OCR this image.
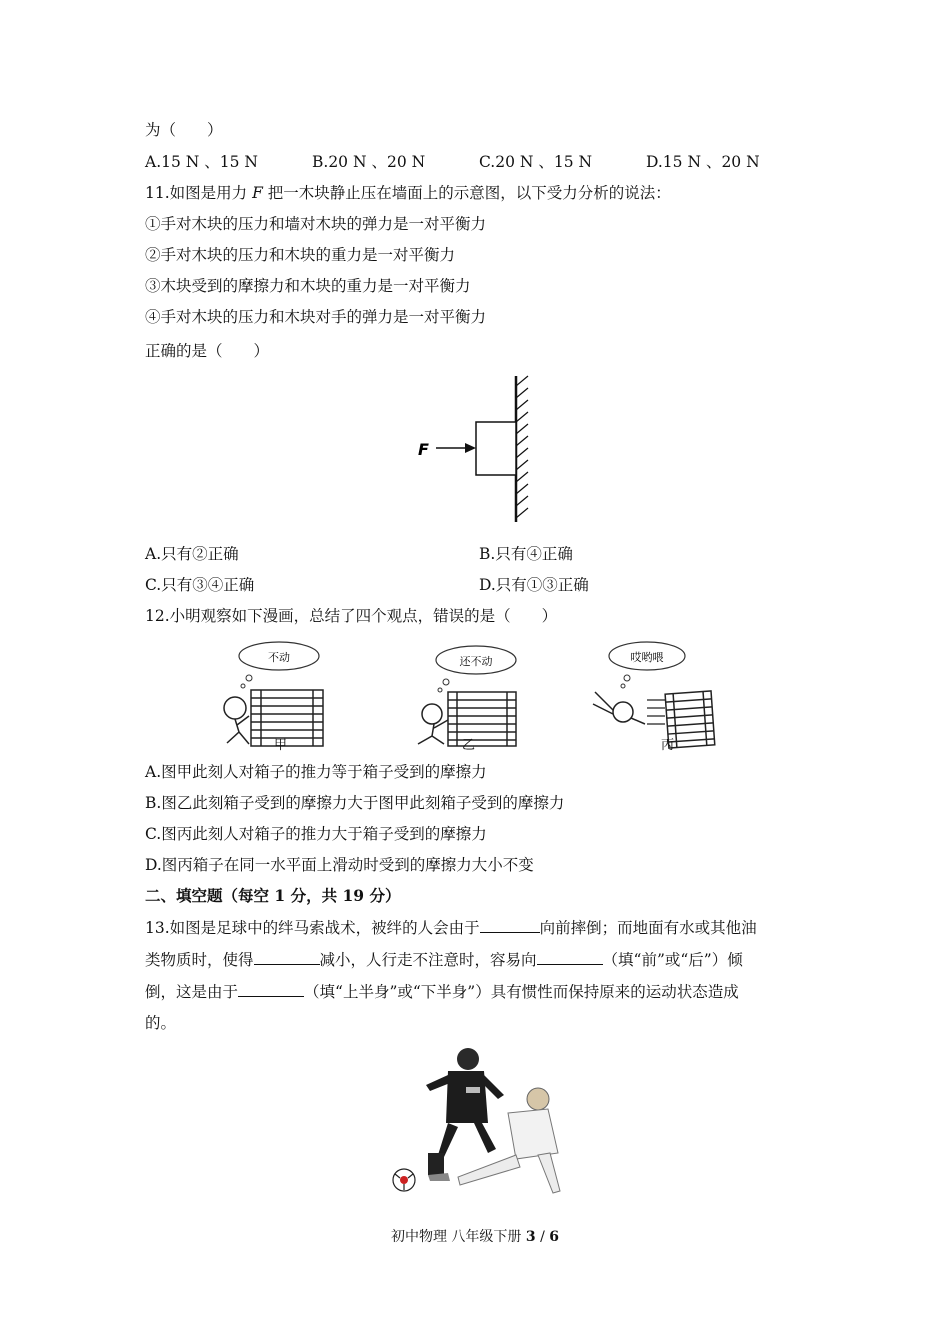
为（　　）
A.15 N 、15 N	B.20 N 、20 N	C.20 N 、15 N	D.15 N 、20 N
11.如图是用力 F 把一木块静止压在墙面上的示意图，以下受力分析的说法：
①手对木块的压力和墙对木块的弹力是一对平衡力
②手对木块的压力和木块的重力是一对平衡力
③木块受到的摩擦力和木块的重力是一对平衡力
④手对木块的压力和木块对手的弹力是一对平衡力
正确的是（　　）
F
A.只有②正确	B.只有④正确
C.只有③④正确	D.只有①③正确
12.小明观察如下漫画，总结了四个观点，错误的是（　　）
不动
甲
还不动
乙
哎哟喂
丙
A.图甲此刻人对箱子的推力等于箱子受到的摩擦力
B.图乙此刻箱子受到的摩擦力大于图甲此刻箱子受到的摩擦力
C.图丙此刻人对箱子的推力大于箱子受到的摩擦力
D.图丙箱子在同一水平面上滑动时受到的摩擦力大小不变
二、填空题（每空 1 分，共 19 分）
13.如图是足球中的绊马索战术，被绊的人会由于	向前摔倒；而地面有水或其他油
类物质时，使得	减小，人行走不注意时，容易向	（填“前”或“后”）倾
倒，这是由于	（填“上半身”或“下半身”）具有惯性而保持原来的运动状态造成
的。
初中物理 八年级下册 3 / 6
